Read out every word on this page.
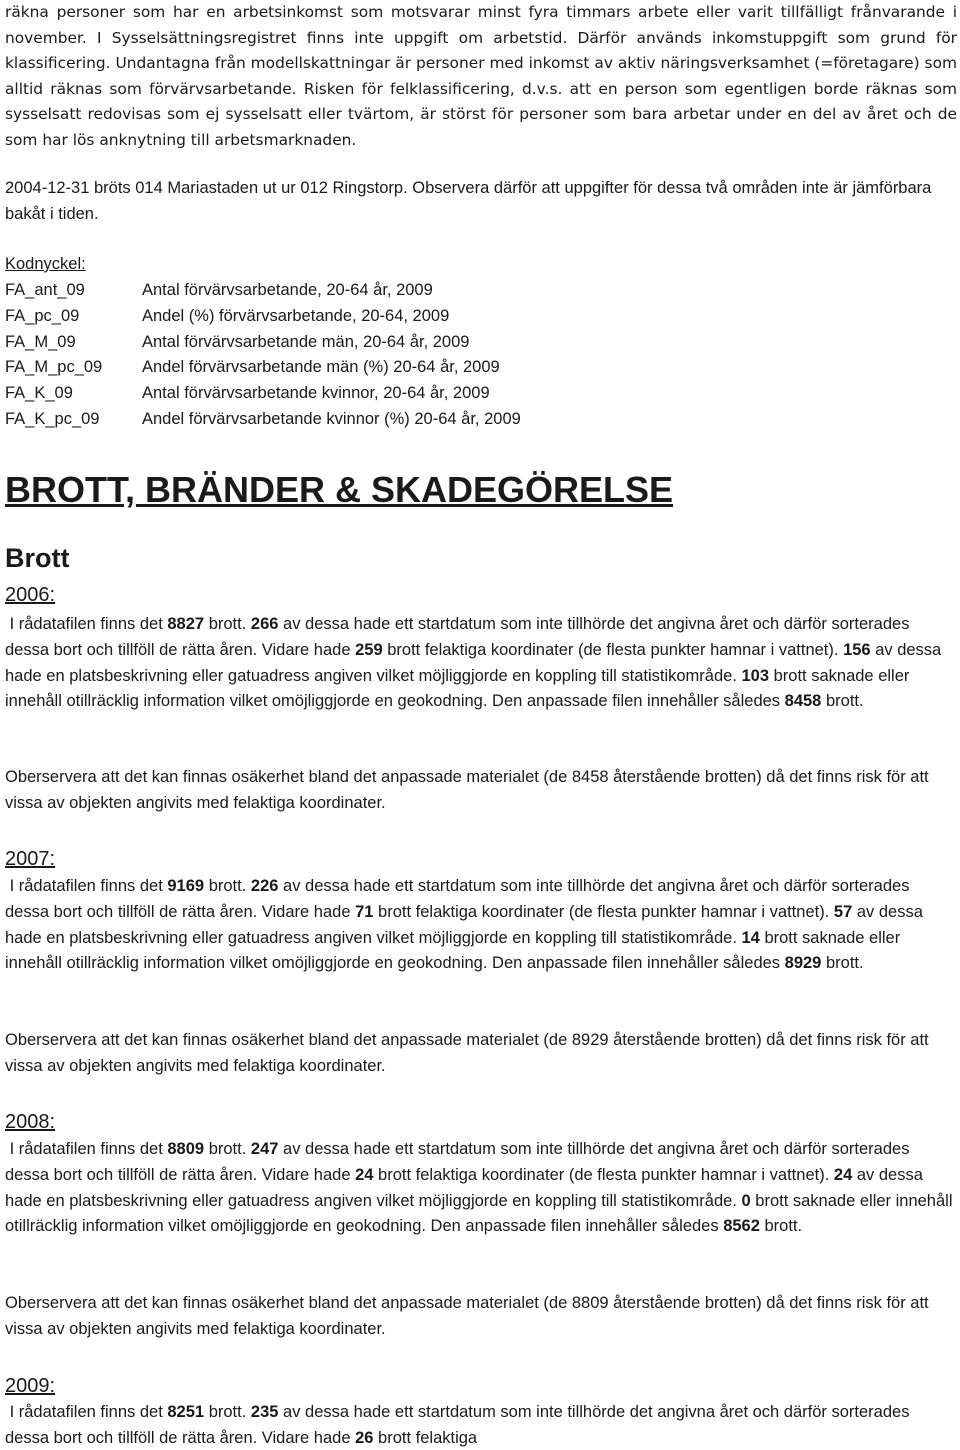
räkna personer som har en arbetsinkomst som motsvarar minst fyra timmars arbete eller varit tillfälligt frånvarande i november. I Sysselsättningsregistret finns inte uppgift om arbetstid. Därför används inkomstuppgift som grund för klassificering. Undantagna från modellskattningar är personer med inkomst av aktiv näringsverksamhet (=företagare) som alltid räknas som förvärvsarbetande. Risken för felklassificering, d.v.s. att en person som egentligen borde räknas som sysselsatt redovisas som ej sysselsatt eller tvärtom, är störst för personer som bara arbetar under en del av året och de som har lös anknytning till arbetsmarknaden.

2004-12-31 bröts 014 Mariastaden ut ur 012 Ringstorp. Observera därför att uppgifter för dessa två områden inte är jämförbara bakåt i tiden.

Kodnyckel:
FA_ant_09	Antal förvärvsarbetande, 20-64 år, 2009
FA_pc_09	Andel (%) förvärvsarbetande, 20-64, 2009
FA_M_09	Antal förvärvsarbetande män, 20-64 år, 2009
FA_M_pc_09	Andel förvärvsarbetande män (%) 20-64 år, 2009
FA_K_09	Antal förvärvsarbetande kvinnor, 20-64 år, 2009
FA_K_pc_09	Andel förvärvsarbetande kvinnor (%) 20-64 år, 2009
BROTT, BRÄNDER & SKADEGÖRELSE
Brott
2006:

I rådatafilen finns det 8827 brott. 266 av dessa hade ett startdatum som inte tillhörde det angivna året och därför sorterades dessa bort och tillföll de rätta åren. Vidare hade 259 brott felaktiga koordinater (de flesta punkter hamnar i vattnet). 156 av dessa hade en platsbeskrivning eller gatuadress angiven vilket möjliggjorde en koppling till statistikområde. 103 brott saknade eller innehåll otillräcklig information vilket omöjliggjorde en geokodning. Den anpassade filen innehåller således 8458 brott.

Oberservera att det kan finnas osäkerhet bland det anpassade materialet (de 8458 återstående brotten) då det finns risk för att vissa av objekten angivits med felaktiga koordinater.

2007:

I rådatafilen finns det 9169 brott. 226 av dessa hade ett startdatum som inte tillhörde det angivna året och därför sorterades dessa bort och tillföll de rätta åren. Vidare hade 71 brott felaktiga koordinater (de flesta punkter hamnar i vattnet). 57 av dessa hade en platsbeskrivning eller gatuadress angiven vilket möjliggjorde en koppling till statistikområde. 14 brott saknade eller innehåll otillräcklig information vilket omöjliggjorde en geokodning. Den anpassade filen innehåller således 8929 brott.

Oberservera att det kan finnas osäkerhet bland det anpassade materialet (de 8929 återstående brotten) då det finns risk för att vissa av objekten angivits med felaktiga koordinater.

2008:

I rådatafilen finns det 8809 brott. 247 av dessa hade ett startdatum som inte tillhörde det angivna året och därför sorterades dessa bort och tillföll de rätta åren. Vidare hade 24 brott felaktiga koordinater (de flesta punkter hamnar i vattnet). 24 av dessa hade en platsbeskrivning eller gatuadress angiven vilket möjliggjorde en koppling till statistikområde. 0 brott saknade eller innehåll otillräcklig information vilket omöjliggjorde en geokodning. Den anpassade filen innehåller således 8562 brott.

Oberservera att det kan finnas osäkerhet bland det anpassade materialet (de 8809 återstående brotten) då det finns risk för att vissa av objekten angivits med felaktiga koordinater.

2009:

I rådatafilen finns det 8251 brott. 235 av dessa hade ett startdatum som inte tillhörde det angivna året och därför sorterades dessa bort och tillföll de rätta åren. Vidare hade 26 brott felaktiga
